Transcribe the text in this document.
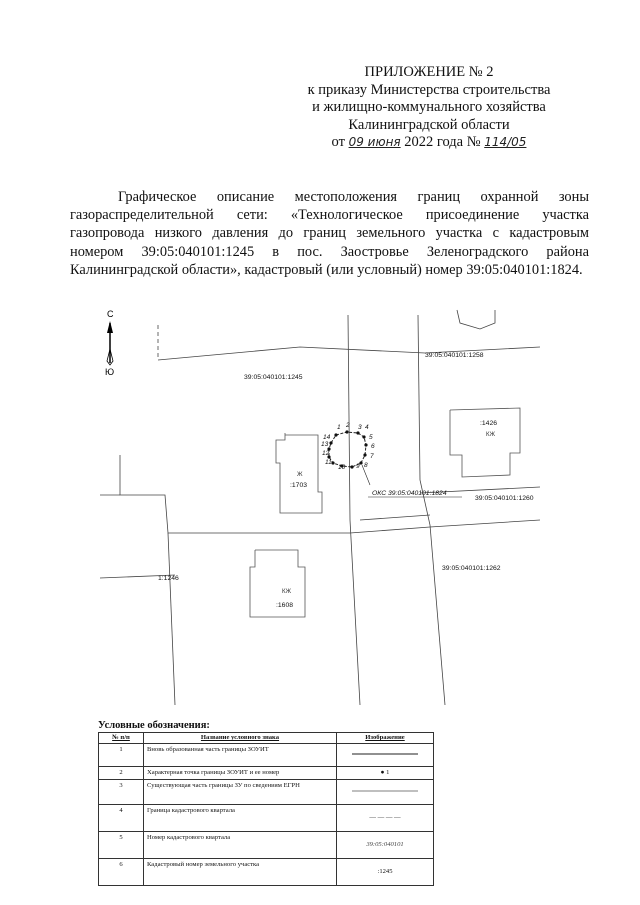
ПРИЛОЖЕНИЕ № 2
к приказу Министерства строительства
и жилищно-коммунального хозяйства
Калининградской области
от 09 июня 2022 года № 114/05
Графическое описание местоположения границ охранной зоны газораспределительной сети: «Технологическое присоединение участка газопровода низкого давления до границ земельного участка с кадастровым номером 39:05:040101:1245 в пос. Заостровье Зеленоградского района Калининградской области», кадастровый (или условный) номер 39:05:040101:1824.
С
Ю
1 2 3 4
5
6
7
8
9
10
11
12
13
14
39:05:040101:1258
39:05:040101:1245
39:05:040101:1260
39:05:040101:1262
1:1246
:1703
:1426
:1608
ОКС 39:05:040101:1824
Ж
КЖ
КЖ
Условные обозначения:
№ п/п	Название условного знака	Изображение
1	Вновь образованная часть границы ЗОУИТ	
2	Характерная точка границы ЗОУИТ и ее номер	● 1
3	Существующая часть границы ЗУ по сведениям ЕГРН	
4	Граница кадастрового квартала	— — — —
5	Номер кадастрового квартала	39:05:040101
6	Кадастровый номер земельного участка	:1245
